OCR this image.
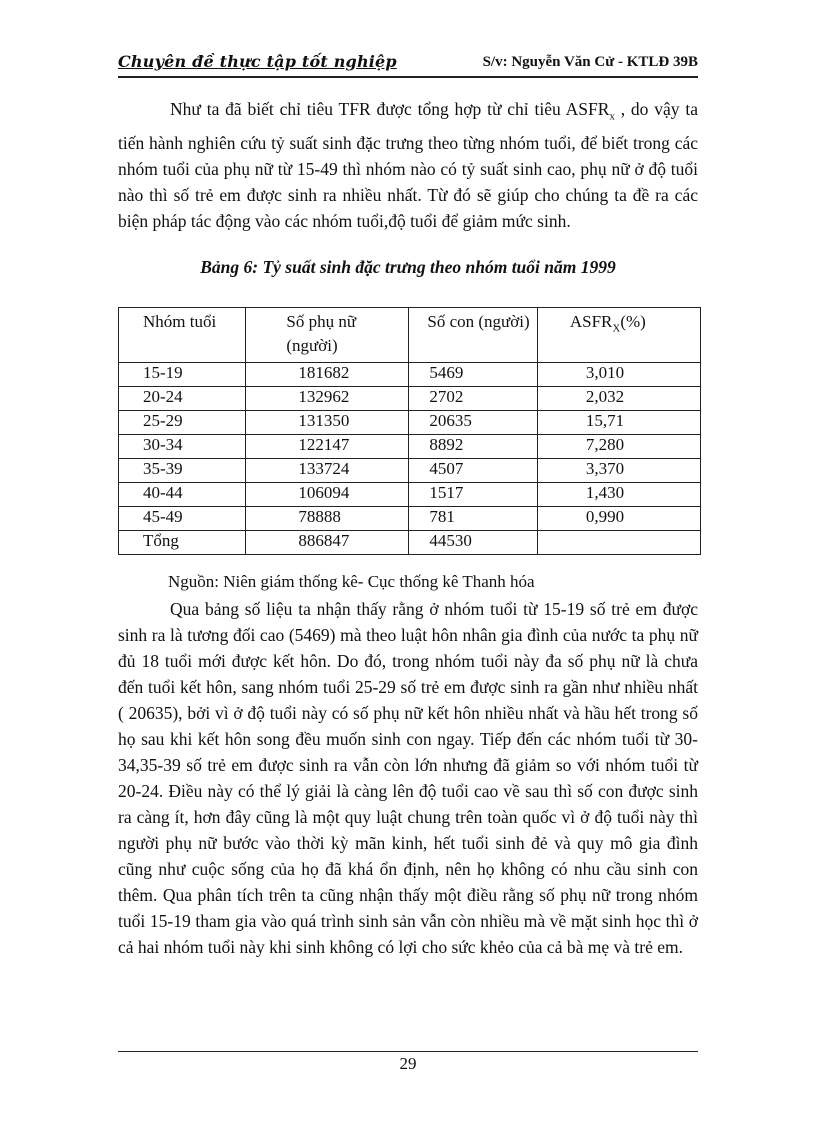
Chuyên đề thực tập tốt nghiệp	S/v: Nguyễn Văn Cử - KTLĐ 39B

Như ta đã biết chỉ tiêu TFR được tổng hợp từ chỉ tiêu $ASFR_x$ , do vậy ta tiến hành nghiên cứu tỷ suất sinh đặc trưng theo từng nhóm tuổi, để biết trong các nhóm tuổi của phụ nữ từ 15-49 thì nhóm nào có tỷ suất sinh cao, phụ nữ ở độ tuổi nào thì số trẻ em được sinh ra nhiều nhất. Từ đó sẽ giúp cho chúng ta đề ra các biện pháp tác động vào các nhóm tuổi,độ tuổi để giảm mức sinh.

Bảng 6: Tỷ suất sinh đặc trưng theo nhóm tuổi năm 1999
Nhóm tuổi	Số phụ nữ (người)	Số con (người)	$ASFR_X(\%)$
15-19	181682	5469	3,010
20-24	132962	2702	2,032
25-29	131350	20635	15,71
30-34	122147	8892	7,280
35-39	133724	4507	3,370
40-44	106094	1517	1,430
45-49	78888	781	0,990
Tổng	886847	44530	
Nguồn: Niên giám thống kê- Cục thống kê Thanh hóa

Qua bảng số liệu ta nhận thấy rằng ở nhóm tuổi từ 15-19 số trẻ em được sinh ra là tương đối cao (5469) mà theo luật hôn nhân gia đình của nước ta phụ nữ đủ 18 tuổi mới được kết hôn. Do đó, trong nhóm tuổi này đa số phụ nữ là chưa đến tuổi kết hôn, sang nhóm tuổi 25-29 số trẻ em được sinh ra gần như nhiều nhất ( 20635), bởi vì ở độ tuổi này có số phụ nữ kết hôn nhiều nhất và hầu hết trong số họ sau khi kết hôn song đều muốn sinh con ngay. Tiếp đến các nhóm tuổi từ 30-34,35-39 số trẻ em được sinh ra vẫn còn lớn nhưng đã giảm so với nhóm tuổi từ 20-24. Điều này có thể lý giải là càng lên độ tuổi cao về sau thì số con được sinh ra càng ít, hơn đây cũng là một quy luật chung trên toàn quốc vì ở độ tuổi này thì người phụ nữ bước vào thời kỳ mãn kinh, hết tuổi sinh đẻ và quy mô gia đình cũng như cuộc sống của họ đã khá ổn định, nên họ không có nhu cầu sinh con thêm. Qua phân tích trên ta cũng nhận thấy một điều rằng số phụ nữ trong nhóm tuổi 15-19 tham gia vào quá trình sinh sản vẫn còn nhiều mà về mặt sinh học thì ở cả hai nhóm tuổi này khi sinh không có lợi cho sức khẻo của cả bà mẹ và trẻ em.

29
